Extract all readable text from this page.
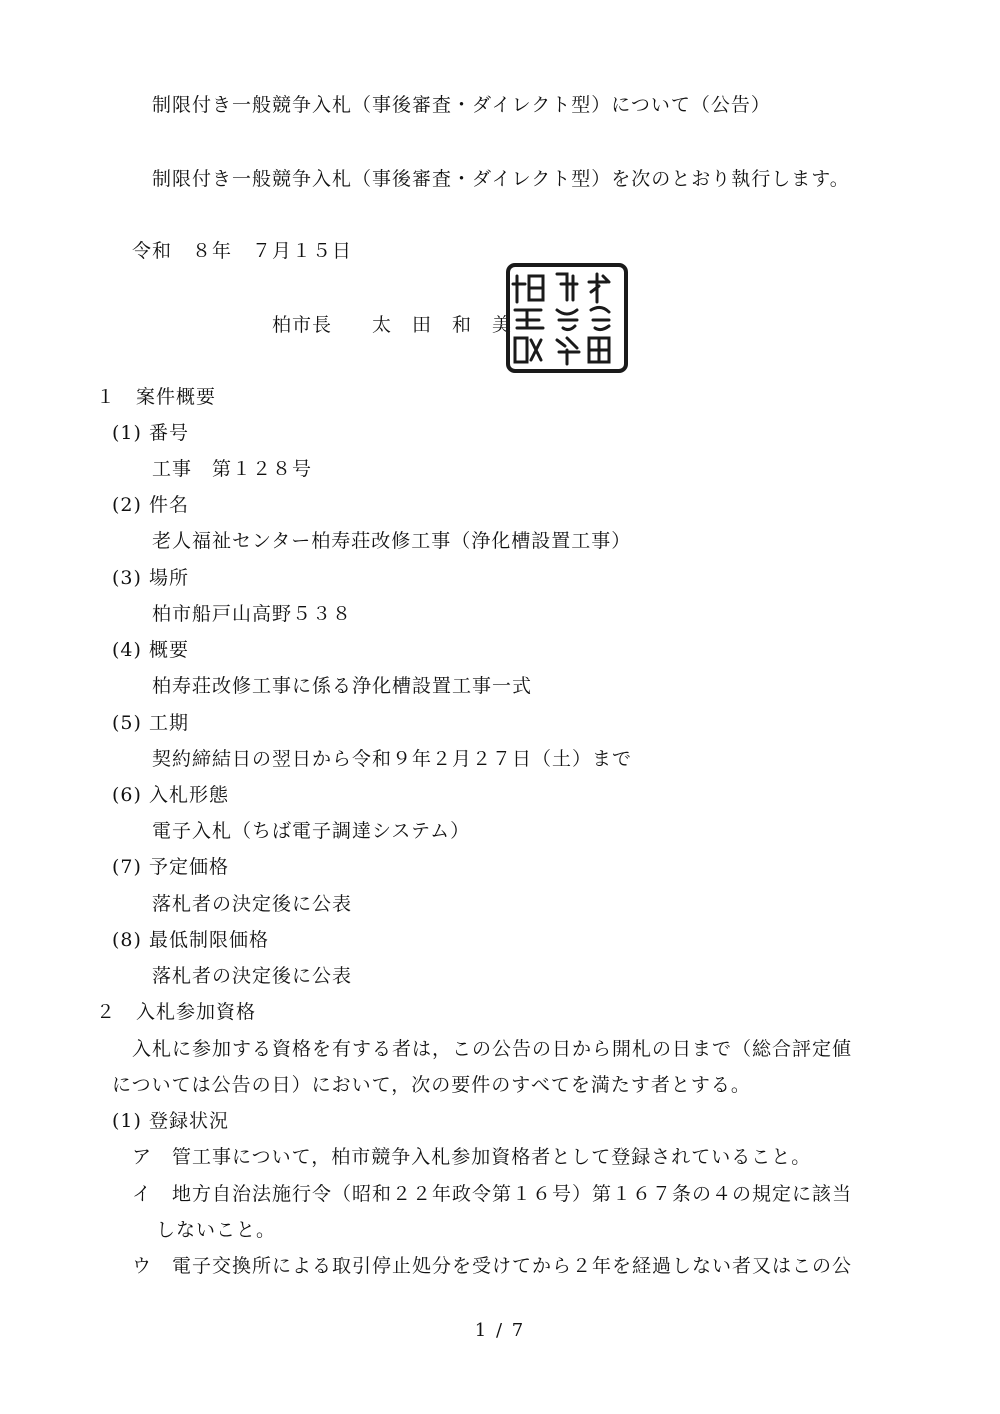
制限付き一般競争入札（事後審査・ダイレクト型）について（公告）
制限付き一般競争入札（事後審査・ダイレクト型）を次のとおり執行します。
令和　８年　７月１５日
柏市長　　太　田　和　美
１　案件概要
(1) 番号
工事　第１２８号
(2) 件名
老人福祉センター柏寿荘改修工事（浄化槽設置工事）
(3) 場所
柏市船戸山高野５３８
(4) 概要
柏寿荘改修工事に係る浄化槽設置工事一式
(5) 工期
契約締結日の翌日から令和９年２月２７日（土）まで
(6) 入札形態
電子入札（ちば電子調達システム）
(7) 予定価格
落札者の決定後に公表
(8) 最低制限価格
落札者の決定後に公表
２　入札参加資格
入札に参加する資格を有する者は，この公告の日から開札の日まで（総合評定値
については公告の日）において，次の要件のすべてを満たす者とする。
(1) 登録状況
ア　管工事について，柏市競争入札参加資格者として登録されていること。
イ　地方自治法施行令（昭和２２年政令第１６号）第１６７条の４の規定に該当
しないこと。
ウ　電子交換所による取引停止処分を受けてから２年を経過しない者又はこの公
1 / 7
